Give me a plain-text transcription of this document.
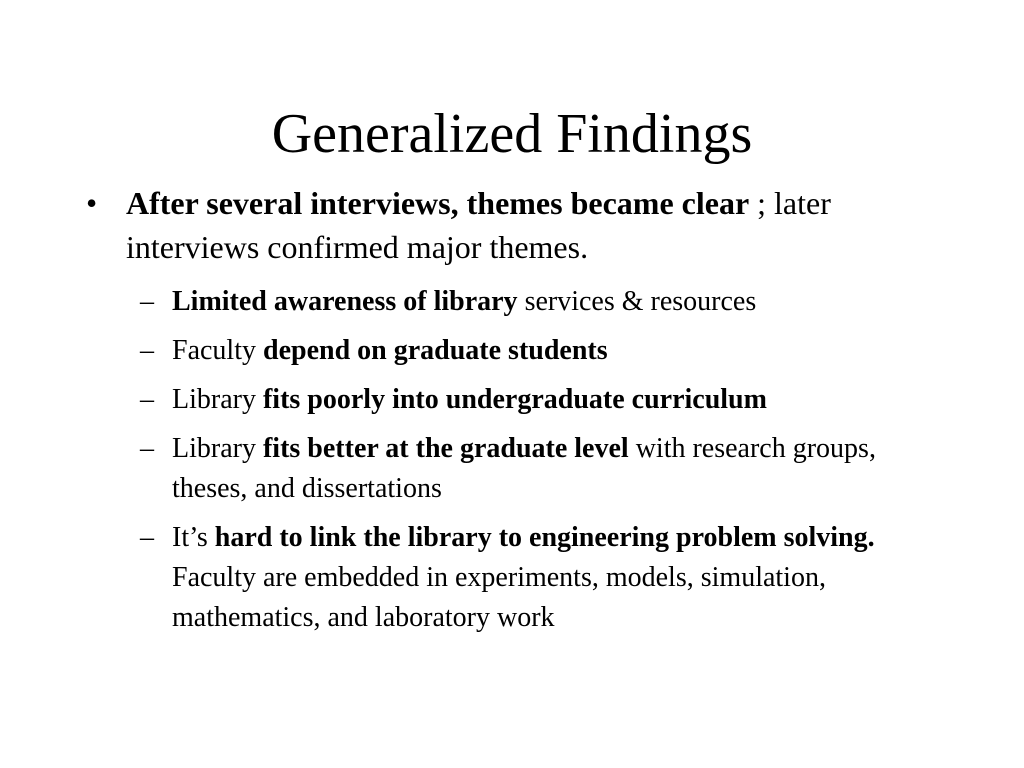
Generalized Findings
• After several interviews, themes became clear ; later interviews confirmed major themes.
– Limited awareness of library services & resources
– Faculty depend on graduate students
– Library fits poorly into undergraduate curriculum
– Library fits better at the graduate level with research groups, theses, and dissertations
– It’s hard to link the library to engineering problem solving. Faculty are embedded in experiments, models, simulation, mathematics, and laboratory work
